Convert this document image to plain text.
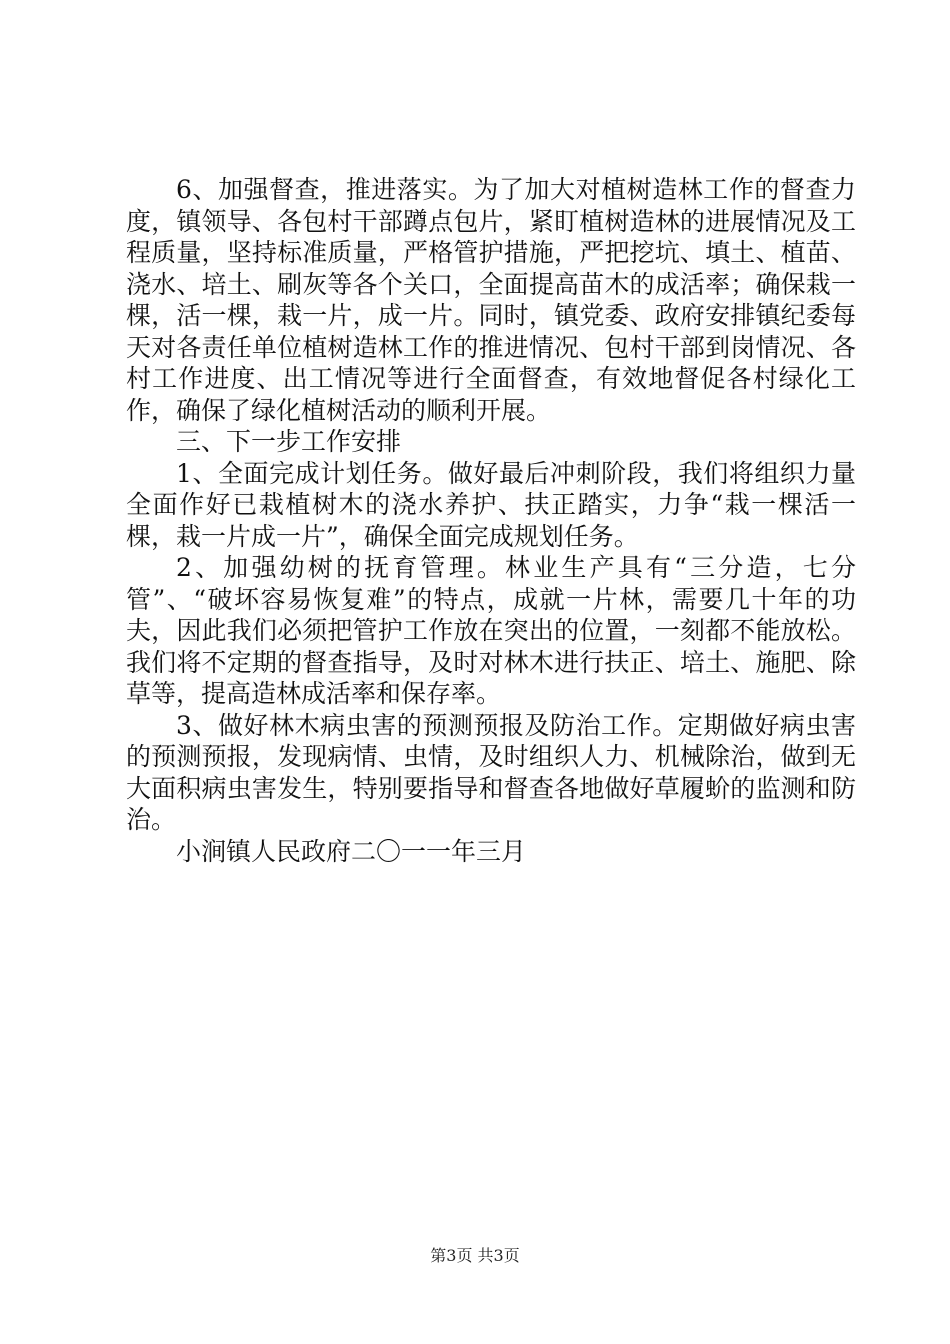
6、加强督查，推进落实。为了加大对植树造林工作的督查力度，镇领导、各包村干部蹲点包片，紧盯植树造林的进展情况及工程质量，坚持标准质量，严格管护措施，严把挖坑、填土、植苗、浇水、培土、刷灰等各个关口，全面提高苗木的成活率；确保栽一棵，活一棵，栽一片，成一片。同时，镇党委、政府安排镇纪委每天对各责任单位植树造林工作的推进情况、包村干部到岗情况、各村工作进度、出工情况等进行全面督查，有效地督促各村绿化工作，确保了绿化植树活动的顺利开展。

三、下一步工作安排

1、全面完成计划任务。做好最后冲刺阶段，我们将组织力量全面作好已栽植树木的浇水养护、扶正踏实，力争“栽一棵活一棵，栽一片成一片”，确保全面完成规划任务。

2、加强幼树的抚育管理。林业生产具有“三分造，七分管”、“破坏容易恢复难”的特点，成就一片林，需要几十年的功夫，因此我们必须把管护工作放在突出的位置，一刻都不能放松。我们将不定期的督查指导，及时对林木进行扶正、培土、施肥、除草等，提高造林成活率和保存率。

3、做好林木病虫害的预测预报及防治工作。定期做好病虫害的预测预报，发现病情、虫情，及时组织人力、机械除治，做到无大面积病虫害发生，特别要指导和督查各地做好草履蚧的监测和防治。

小涧镇人民政府二〇一一年三月

第3页 共3页
